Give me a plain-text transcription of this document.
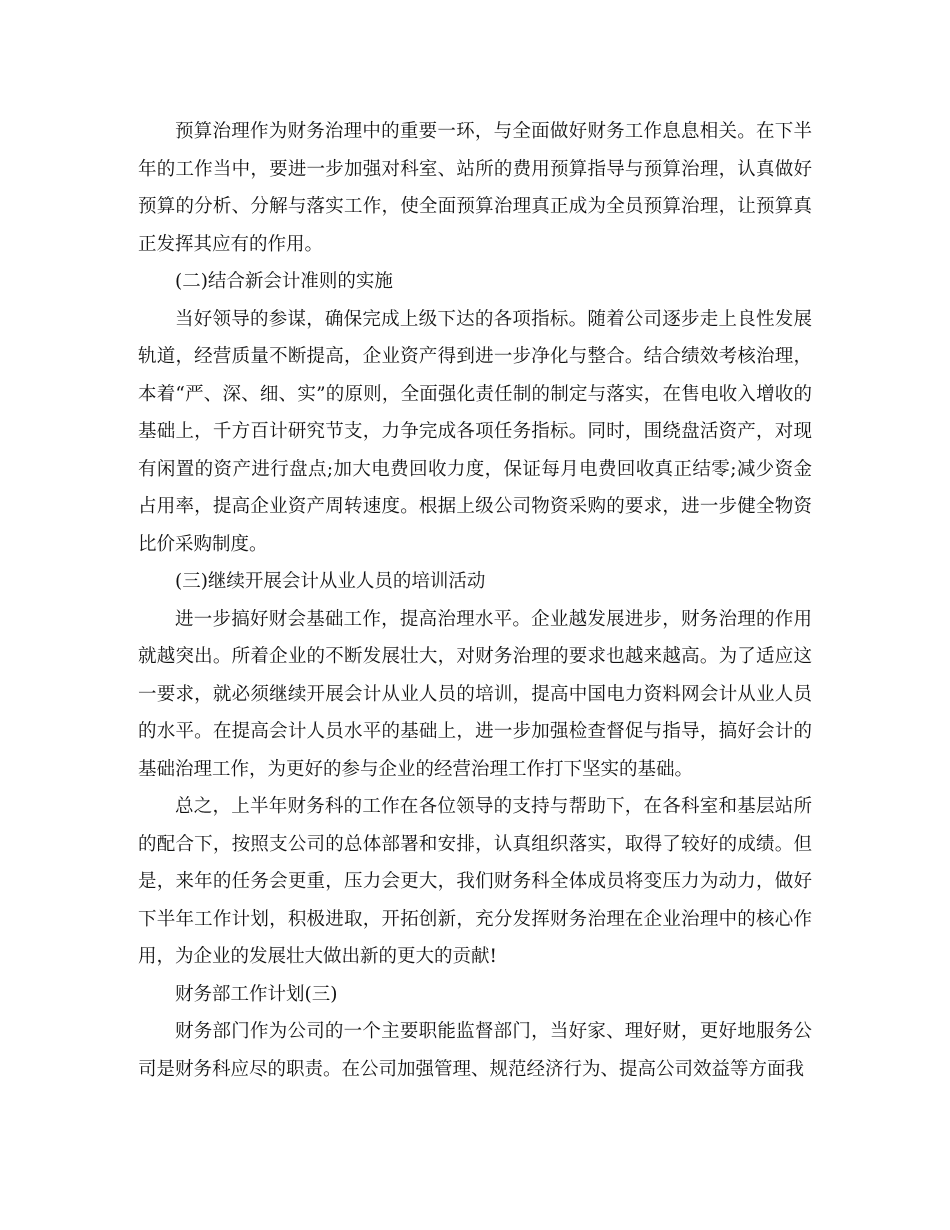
预算治理作为财务治理中的重要一环，与全面做好财务工作息息相关。在下半年的工作当中，要进一步加强对科室、站所的费用预算指导与预算治理，认真做好预算的分析、分解与落实工作，使全面预算治理真正成为全员预算治理，让预算真正发挥其应有的作用。

(二)结合新会计准则的实施

当好领导的参谋，确保完成上级下达的各项指标。随着公司逐步走上良性发展轨道，经营质量不断提高，企业资产得到进一步净化与整合。结合绩效考核治理，本着“严、深、细、实”的原则，全面强化责任制的制定与落实，在售电收入增收的基础上，千方百计研究节支，力争完成各项任务指标。同时，围绕盘活资产，对现有闲置的资产进行盘点;加大电费回收力度，保证每月电费回收真正结零;减少资金占用率，提高企业资产周转速度。根据上级公司物资采购的要求，进一步健全物资比价采购制度。

(三)继续开展会计从业人员的培训活动

进一步搞好财会基础工作，提高治理水平。企业越发展进步，财务治理的作用就越突出。所着企业的不断发展壮大，对财务治理的要求也越来越高。为了适应这一要求，就必须继续开展会计从业人员的培训，提高中国电力资料网会计从业人员的水平。在提高会计人员水平的基础上，进一步加强检查督促与指导，搞好会计的基础治理工作，为更好的参与企业的经营治理工作打下坚实的基础。

总之，上半年财务科的工作在各位领导的支持与帮助下，在各科室和基层站所的配合下，按照支公司的总体部署和安排，认真组织落实，取得了较好的成绩。但是，来年的任务会更重，压力会更大，我们财务科全体成员将变压力为动力，做好下半年工作计划，积极进取，开拓创新，充分发挥财务治理在企业治理中的核心作用，为企业的发展壮大做出新的更大的贡献!

财务部工作计划(三)

财务部门作为公司的一个主要职能监督部门，当好家、理好财，更好地服务公司是财务科应尽的职责。在公司加强管理、规范经济行为、提高公司效益等方面我
